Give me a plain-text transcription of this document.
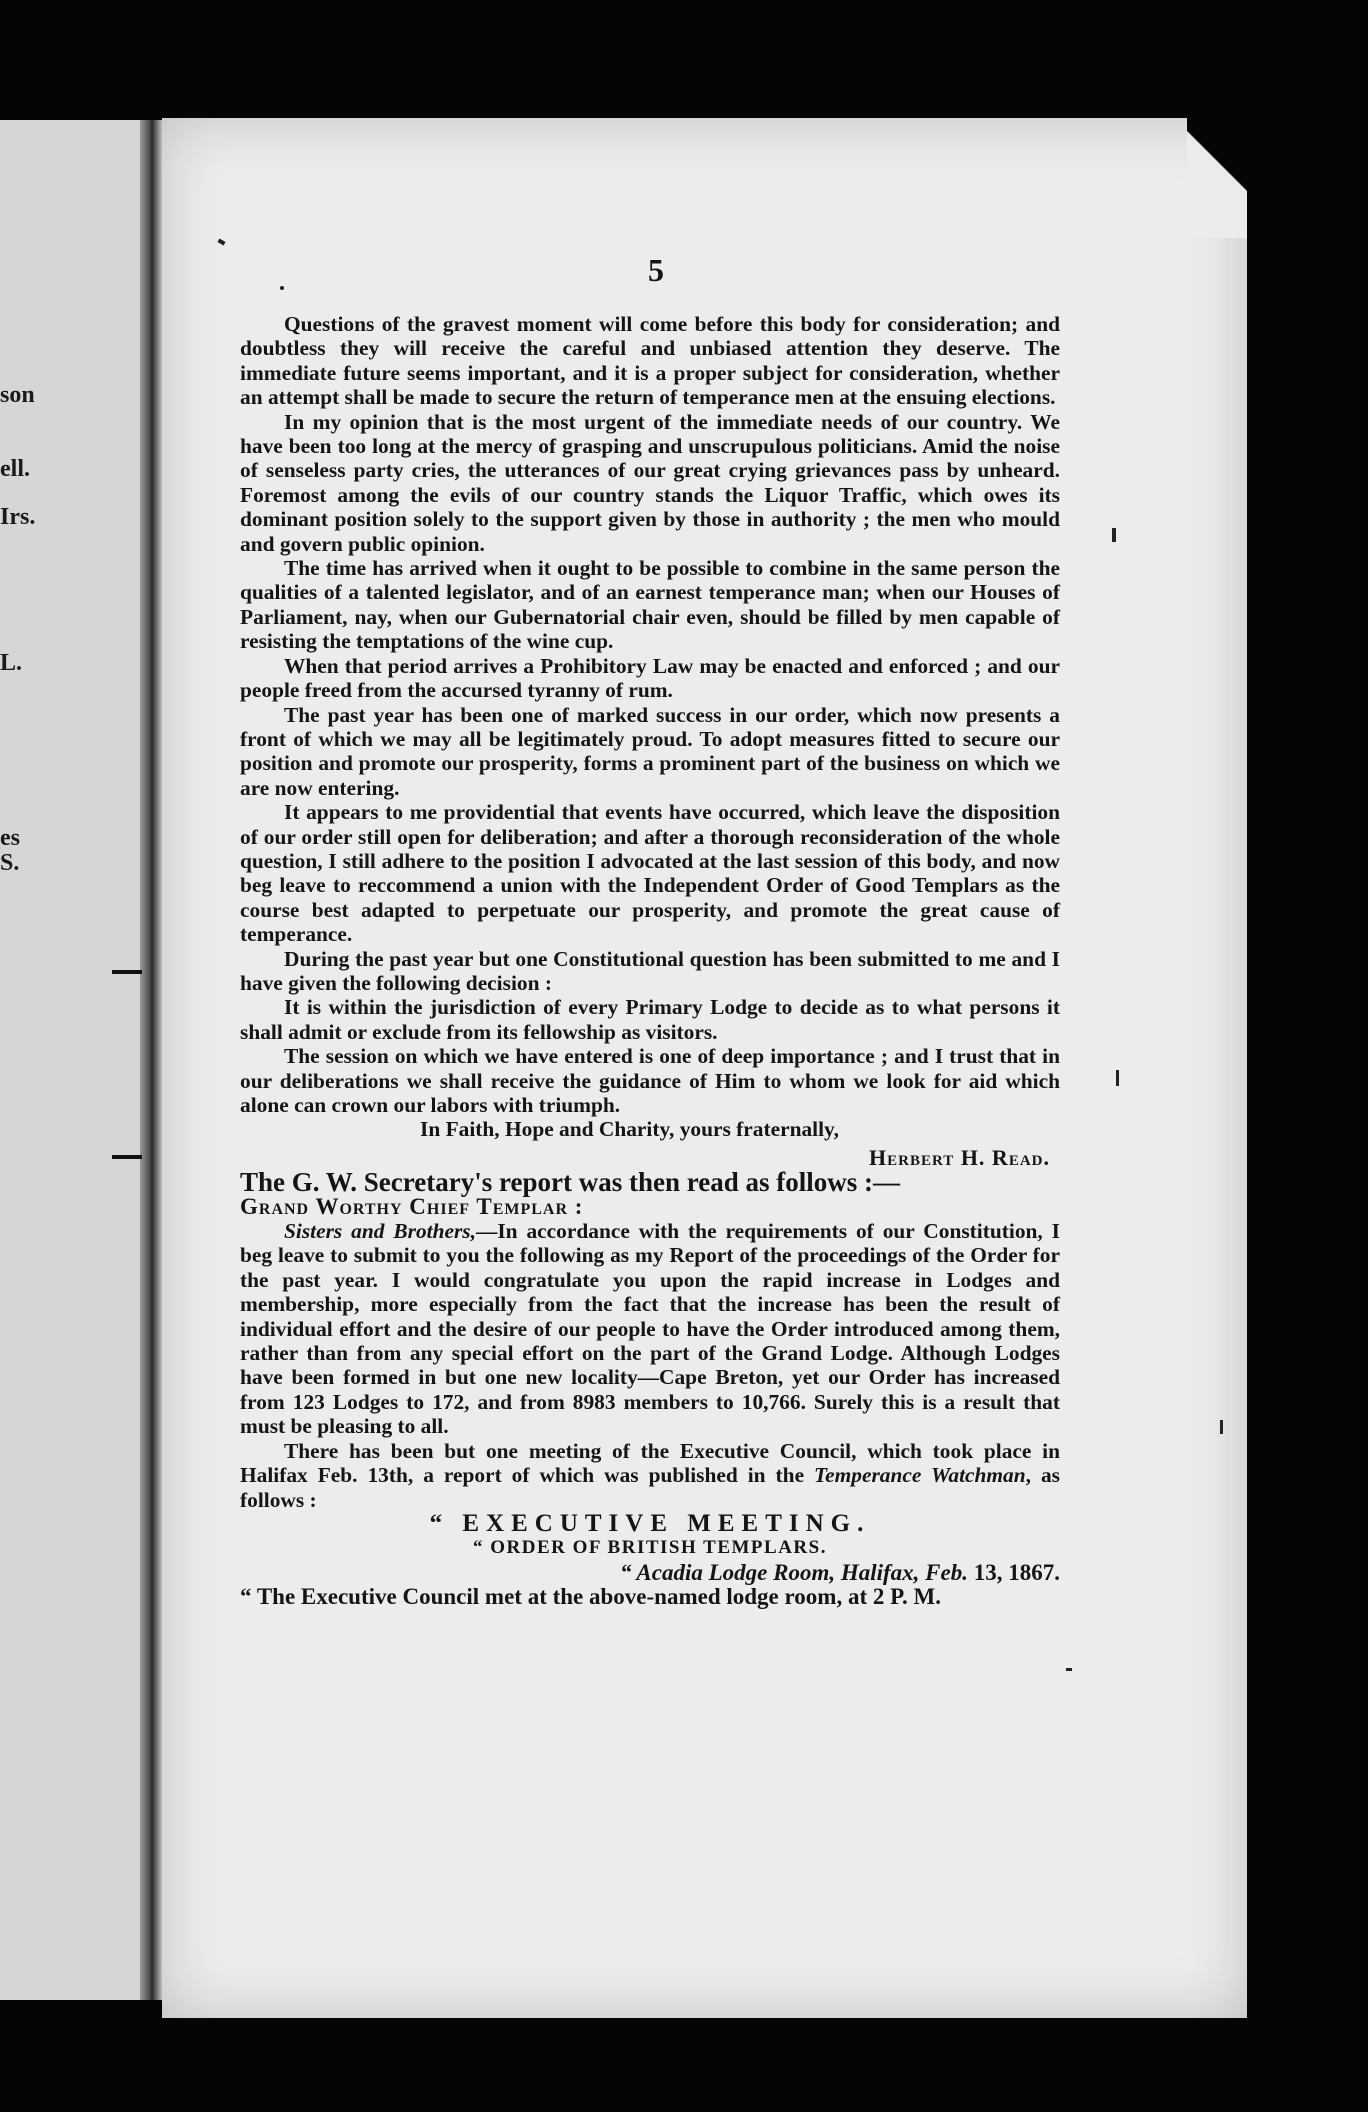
son
ell.
Irs.
L.
es
S.
5

Questions of the gravest moment will come before this body for consideration; and doubtless they will receive the careful and unbiased attention they deserve. The immediate future seems important, and it is a proper subject for consideration, whether an attempt shall be made to secure the return of temperance men at the ensuing elections.

In my opinion that is the most urgent of the immediate needs of our country. We have been too long at the mercy of grasping and unscrupulous politicians. Amid the noise of senseless party cries, the utterances of our great crying grievances pass by unheard. Foremost among the evils of our country stands the Liquor Traffic, which owes its dominant position solely to the support given by those in authority ; the men who mould and govern public opinion.

The time has arrived when it ought to be possible to combine in the same person the qualities of a talented legislator, and of an earnest temperance man; when our Houses of Parliament, nay, when our Gubernatorial chair even, should be filled by men capable of resisting the temptations of the wine cup.

When that period arrives a Prohibitory Law may be enacted and enforced ; and our people freed from the accursed tyranny of rum.

The past year has been one of marked success in our order, which now presents a front of which we may all be legitimately proud. To adopt measures fitted to secure our position and promote our prosperity, forms a prominent part of the business on which we are now entering.

It appears to me providential that events have occurred, which leave the disposition of our order still open for deliberation; and after a thorough reconsideration of the whole question, I still adhere to the position I advocated at the last session of this body, and now beg leave to reccommend a union with the Independent Order of Good Templars as the course best adapted to perpetuate our prosperity, and promote the great cause of temperance.

During the past year but one Constitutional question has been submitted to me and I have given the following decision :

It is within the jurisdiction of every Primary Lodge to decide as to what persons it shall admit or exclude from its fellowship as visitors.

The session on which we have entered is one of deep importance ; and I trust that in our deliberations we shall receive the guidance of Him to whom we look for aid which alone can crown our labors with triumph.

In Faith, Hope and Charity, yours fraternally,

Herbert H. Read.

The G. W. Secretary's report was then read as follows :—

Grand Worthy Chief Templar :

Sisters and Brothers,—In accordance with the requirements of our Constitution, I beg leave to submit to you the following as my Report of the proceedings of the Order for the past year. I would congratulate you upon the rapid increase in Lodges and membership, more especially from the fact that the increase has been the result of individual effort and the desire of our people to have the Order introduced among them, rather than from any special effort on the part of the Grand Lodge. Although Lodges have been formed in but one new locality—Cape Breton, yet our Order has increased from 123 Lodges to 172, and from 8983 members to 10,766. Surely this is a result that must be pleasing to all.

There has been but one meeting of the Executive Council, which took place in Halifax Feb. 13th, a report of which was published in the Temperance Watchman, as follows :

“ EXECUTIVE MEETING.

“ ORDER OF BRITISH TEMPLARS.

“ Acadia Lodge Room, Halifax, Feb. 13, 1867.

“ The Executive Council met at the above-named lodge room, at 2 P. M.
